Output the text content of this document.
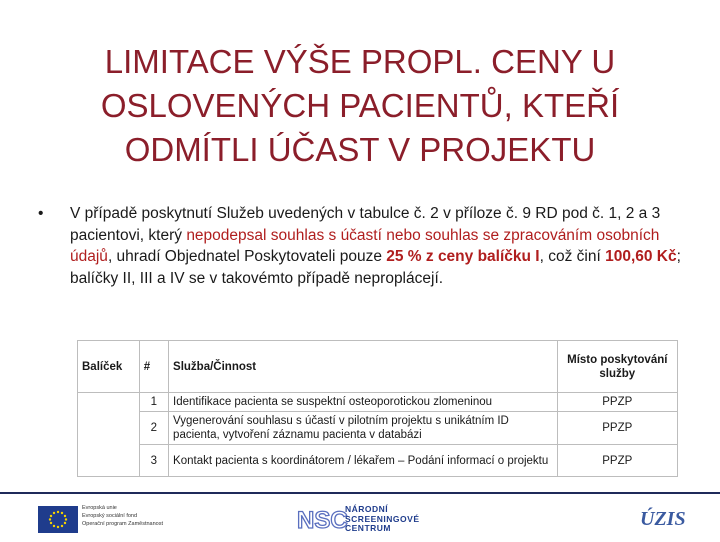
LIMITACE VÝŠE PROPL. CENY U
OSLOVENÝCH PACIENTŮ, KTEŘÍ
ODMÍTLI ÚČAST V PROJEKTU
• V případě poskytnutí Služeb uvedených v tabulce č. 2 v příloze č. 9 RD pod č. 1, 2 a 3 pacientovi, který nepodepsal souhlas s účastí nebo souhlas se zpracováním osobních údajů, uhradí Objednatel Poskytovateli pouze 25 % z ceny balíčku I, což činí 100,60 Kč; balíčky II, III a IV se v takovémto případě neproplácejí.
Balíček	#	Služba/Činnost	Místo poskytování služby
	1	Identifikace pacienta se suspektní osteoporotickou zlomeninou	PPZP
	2	Vygenerování souhlasu s účastí v pilotním projektu s unikátním ID pacienta, vytvoření záznamu pacienta v databázi	PPZP
	3	Kontakt pacienta s koordinátorem / lékařem – Podání informací o projektu	PPZP
Evropská unie
Evropský sociální fond
Operační program Zaměstnanost	NSC
NÁRODNÍ
SCREENINGOVÉ
CENTRUM	ÚZIS
